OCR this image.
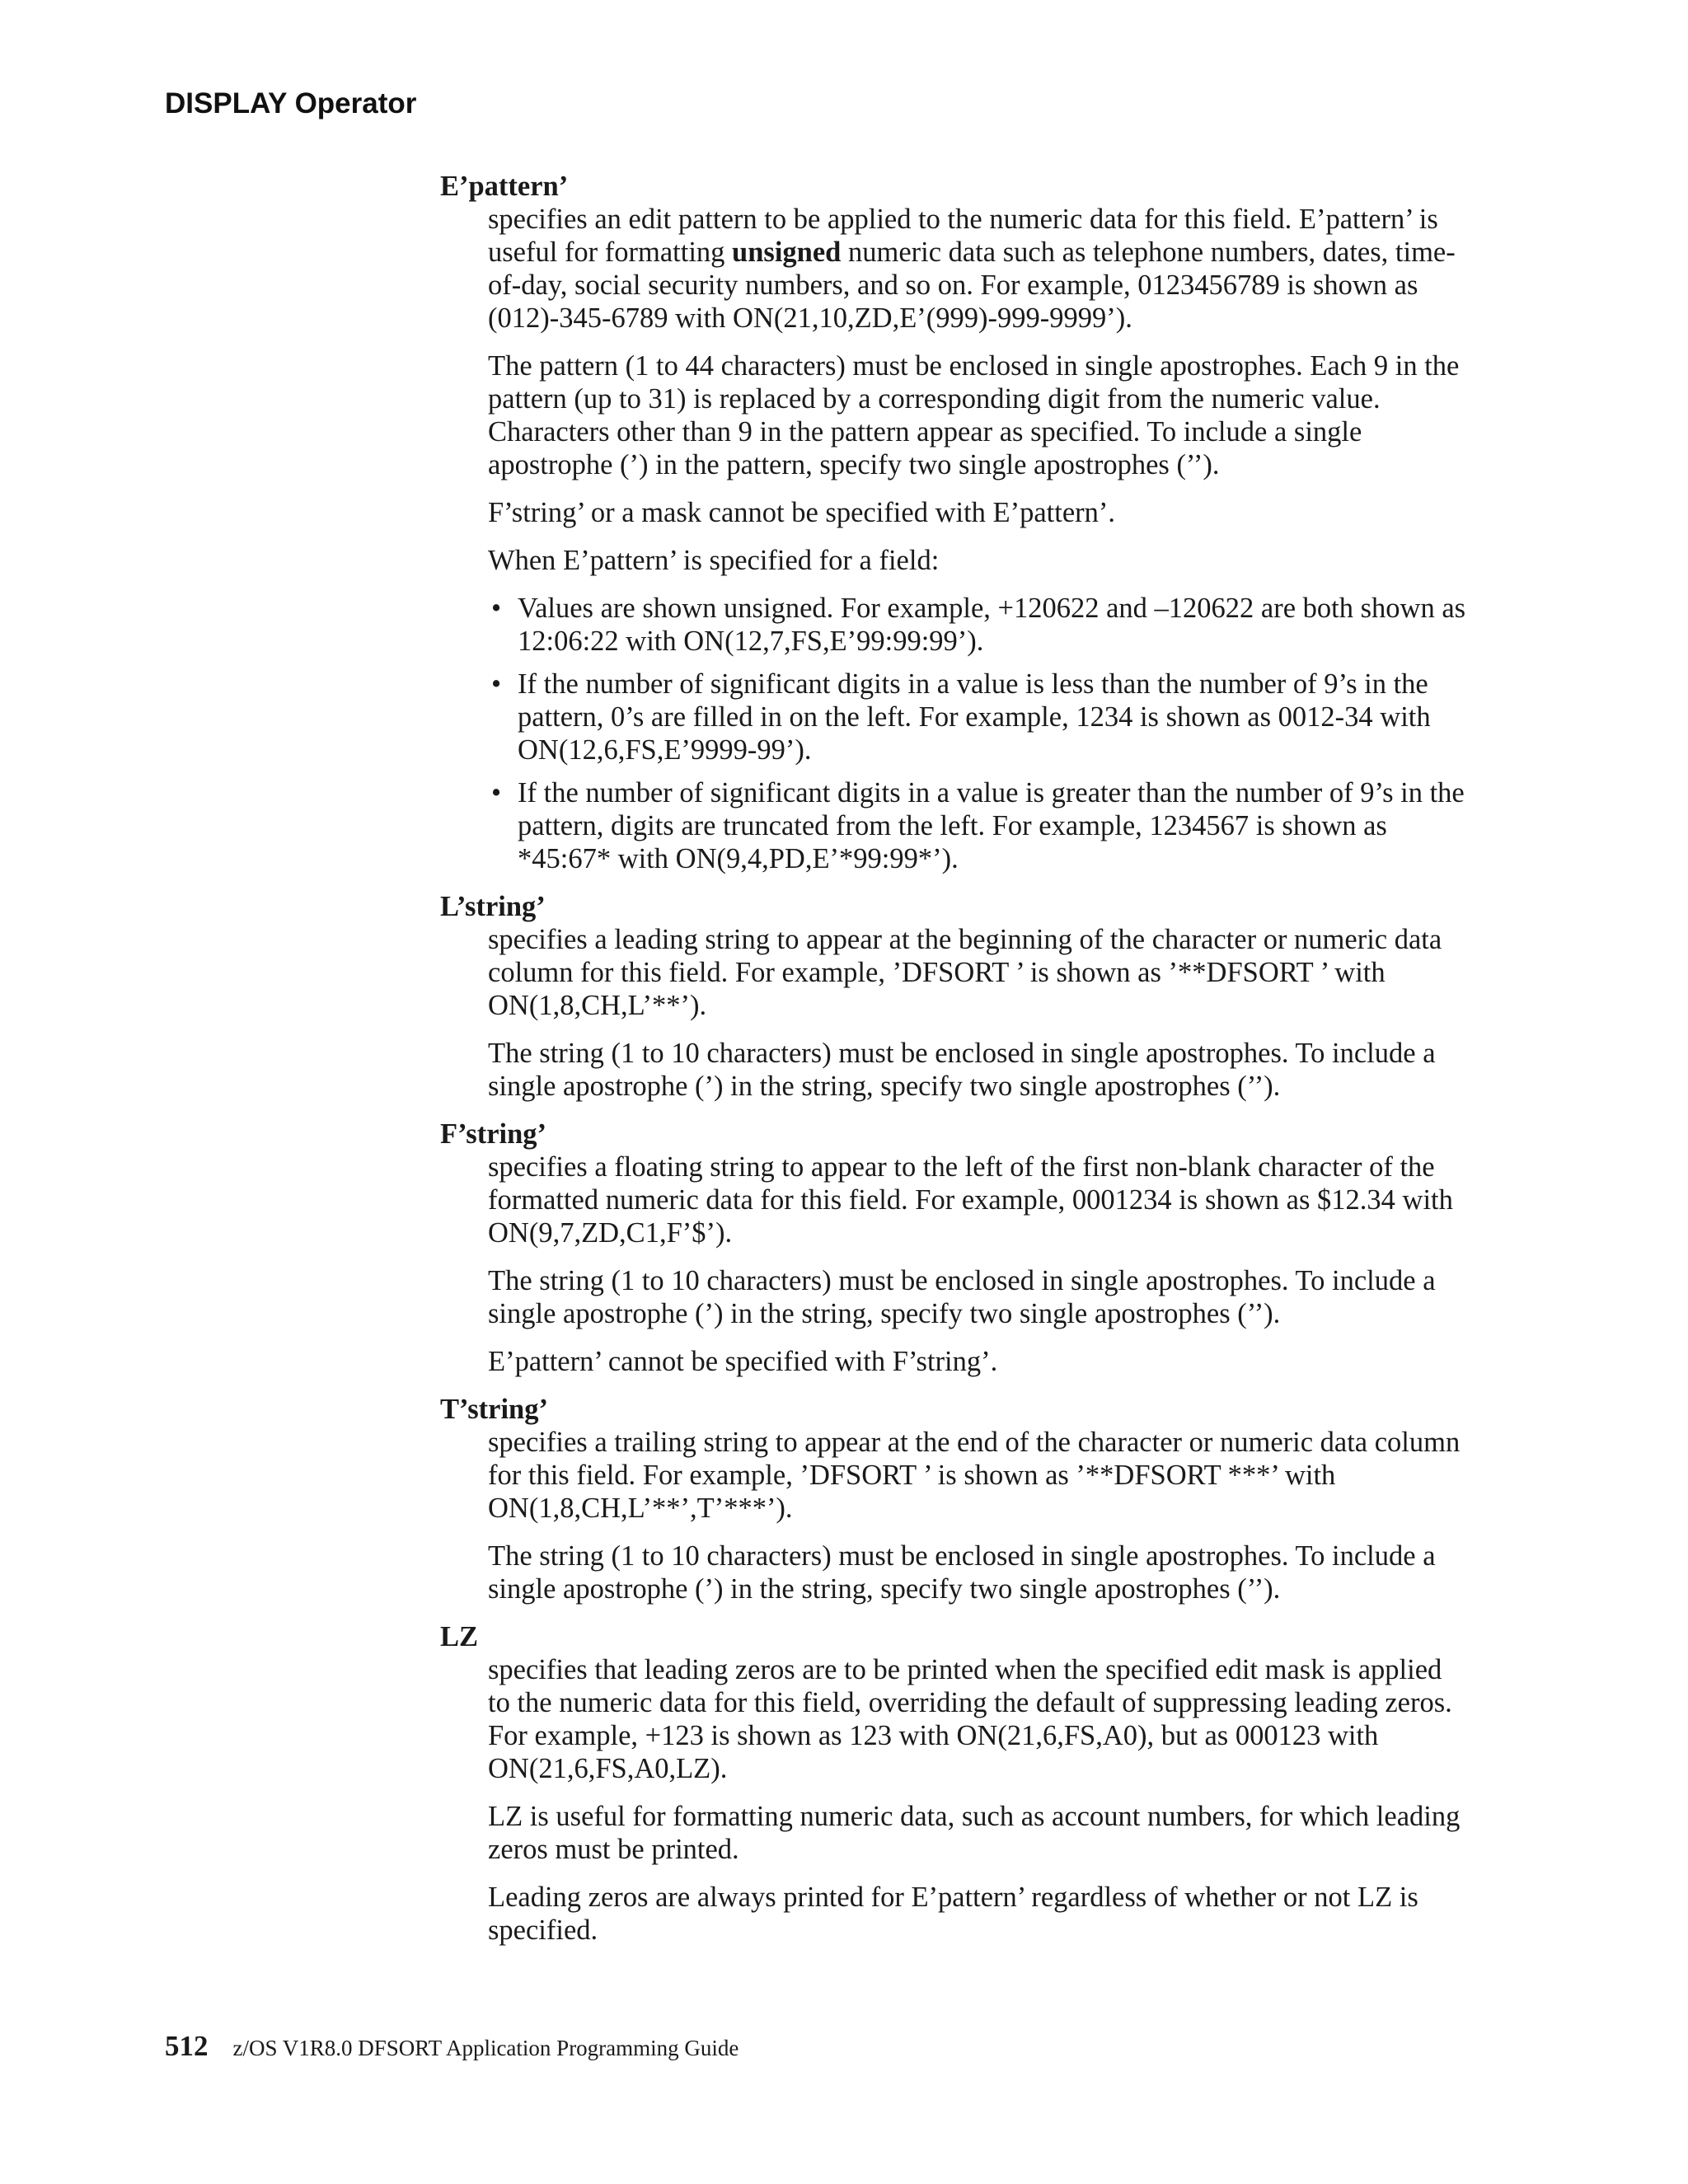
DISPLAY Operator

E’pattern’

specifies an edit pattern to be applied to the numeric data for this field. E’pattern’ is useful for formatting unsigned numeric data such as telephone numbers, dates, time-of-day, social security numbers, and so on. For example, 0123456789 is shown as (012)-345-6789 with ON(21,10,ZD,E’(999)-999-9999’).

The pattern (1 to 44 characters) must be enclosed in single apostrophes. Each 9 in the pattern (up to 31) is replaced by a corresponding digit from the numeric value. Characters other than 9 in the pattern appear as specified. To include a single apostrophe (’) in the pattern, specify two single apostrophes (’’).

F’string’ or a mask cannot be specified with E’pattern’.

When E’pattern’ is specified for a field:

• Values are shown unsigned. For example, +120622 and –120622 are both shown as 12:06:22 with ON(12,7,FS,E’99:99:99’).
• If the number of significant digits in a value is less than the number of 9’s in the pattern, 0’s are filled in on the left. For example, 1234 is shown as 0012-34 with ON(12,6,FS,E’9999-99’).
• If the number of significant digits in a value is greater than the number of 9’s in the pattern, digits are truncated from the left. For example, 1234567 is shown as *45:67* with ON(9,4,PD,E’*99:99*’).

L’string’

specifies a leading string to appear at the beginning of the character or numeric data column for this field. For example, ’DFSORT ’ is shown as ’**DFSORT ’ with ON(1,8,CH,L’**’).

The string (1 to 10 characters) must be enclosed in single apostrophes. To include a single apostrophe (’) in the string, specify two single apostrophes (’’).

F’string’

specifies a floating string to appear to the left of the first non-blank character of the formatted numeric data for this field. For example, 0001234 is shown as $12.34 with ON(9,7,ZD,C1,F’$’).

The string (1 to 10 characters) must be enclosed in single apostrophes. To include a single apostrophe (’) in the string, specify two single apostrophes (’’).

E’pattern’ cannot be specified with F’string’.

T’string’

specifies a trailing string to appear at the end of the character or numeric data column for this field. For example, ’DFSORT ’ is shown as ’**DFSORT ***’ with ON(1,8,CH,L’**’,T’***’).

The string (1 to 10 characters) must be enclosed in single apostrophes. To include a single apostrophe (’) in the string, specify two single apostrophes (’’).

LZ

specifies that leading zeros are to be printed when the specified edit mask is applied to the numeric data for this field, overriding the default of suppressing leading zeros. For example, +123 is shown as 123 with ON(21,6,FS,A0), but as 000123 with ON(21,6,FS,A0,LZ).

LZ is useful for formatting numeric data, such as account numbers, for which leading zeros must be printed.

Leading zeros are always printed for E’pattern’ regardless of whether or not LZ is specified.

512 z/OS V1R8.0 DFSORT Application Programming Guide
